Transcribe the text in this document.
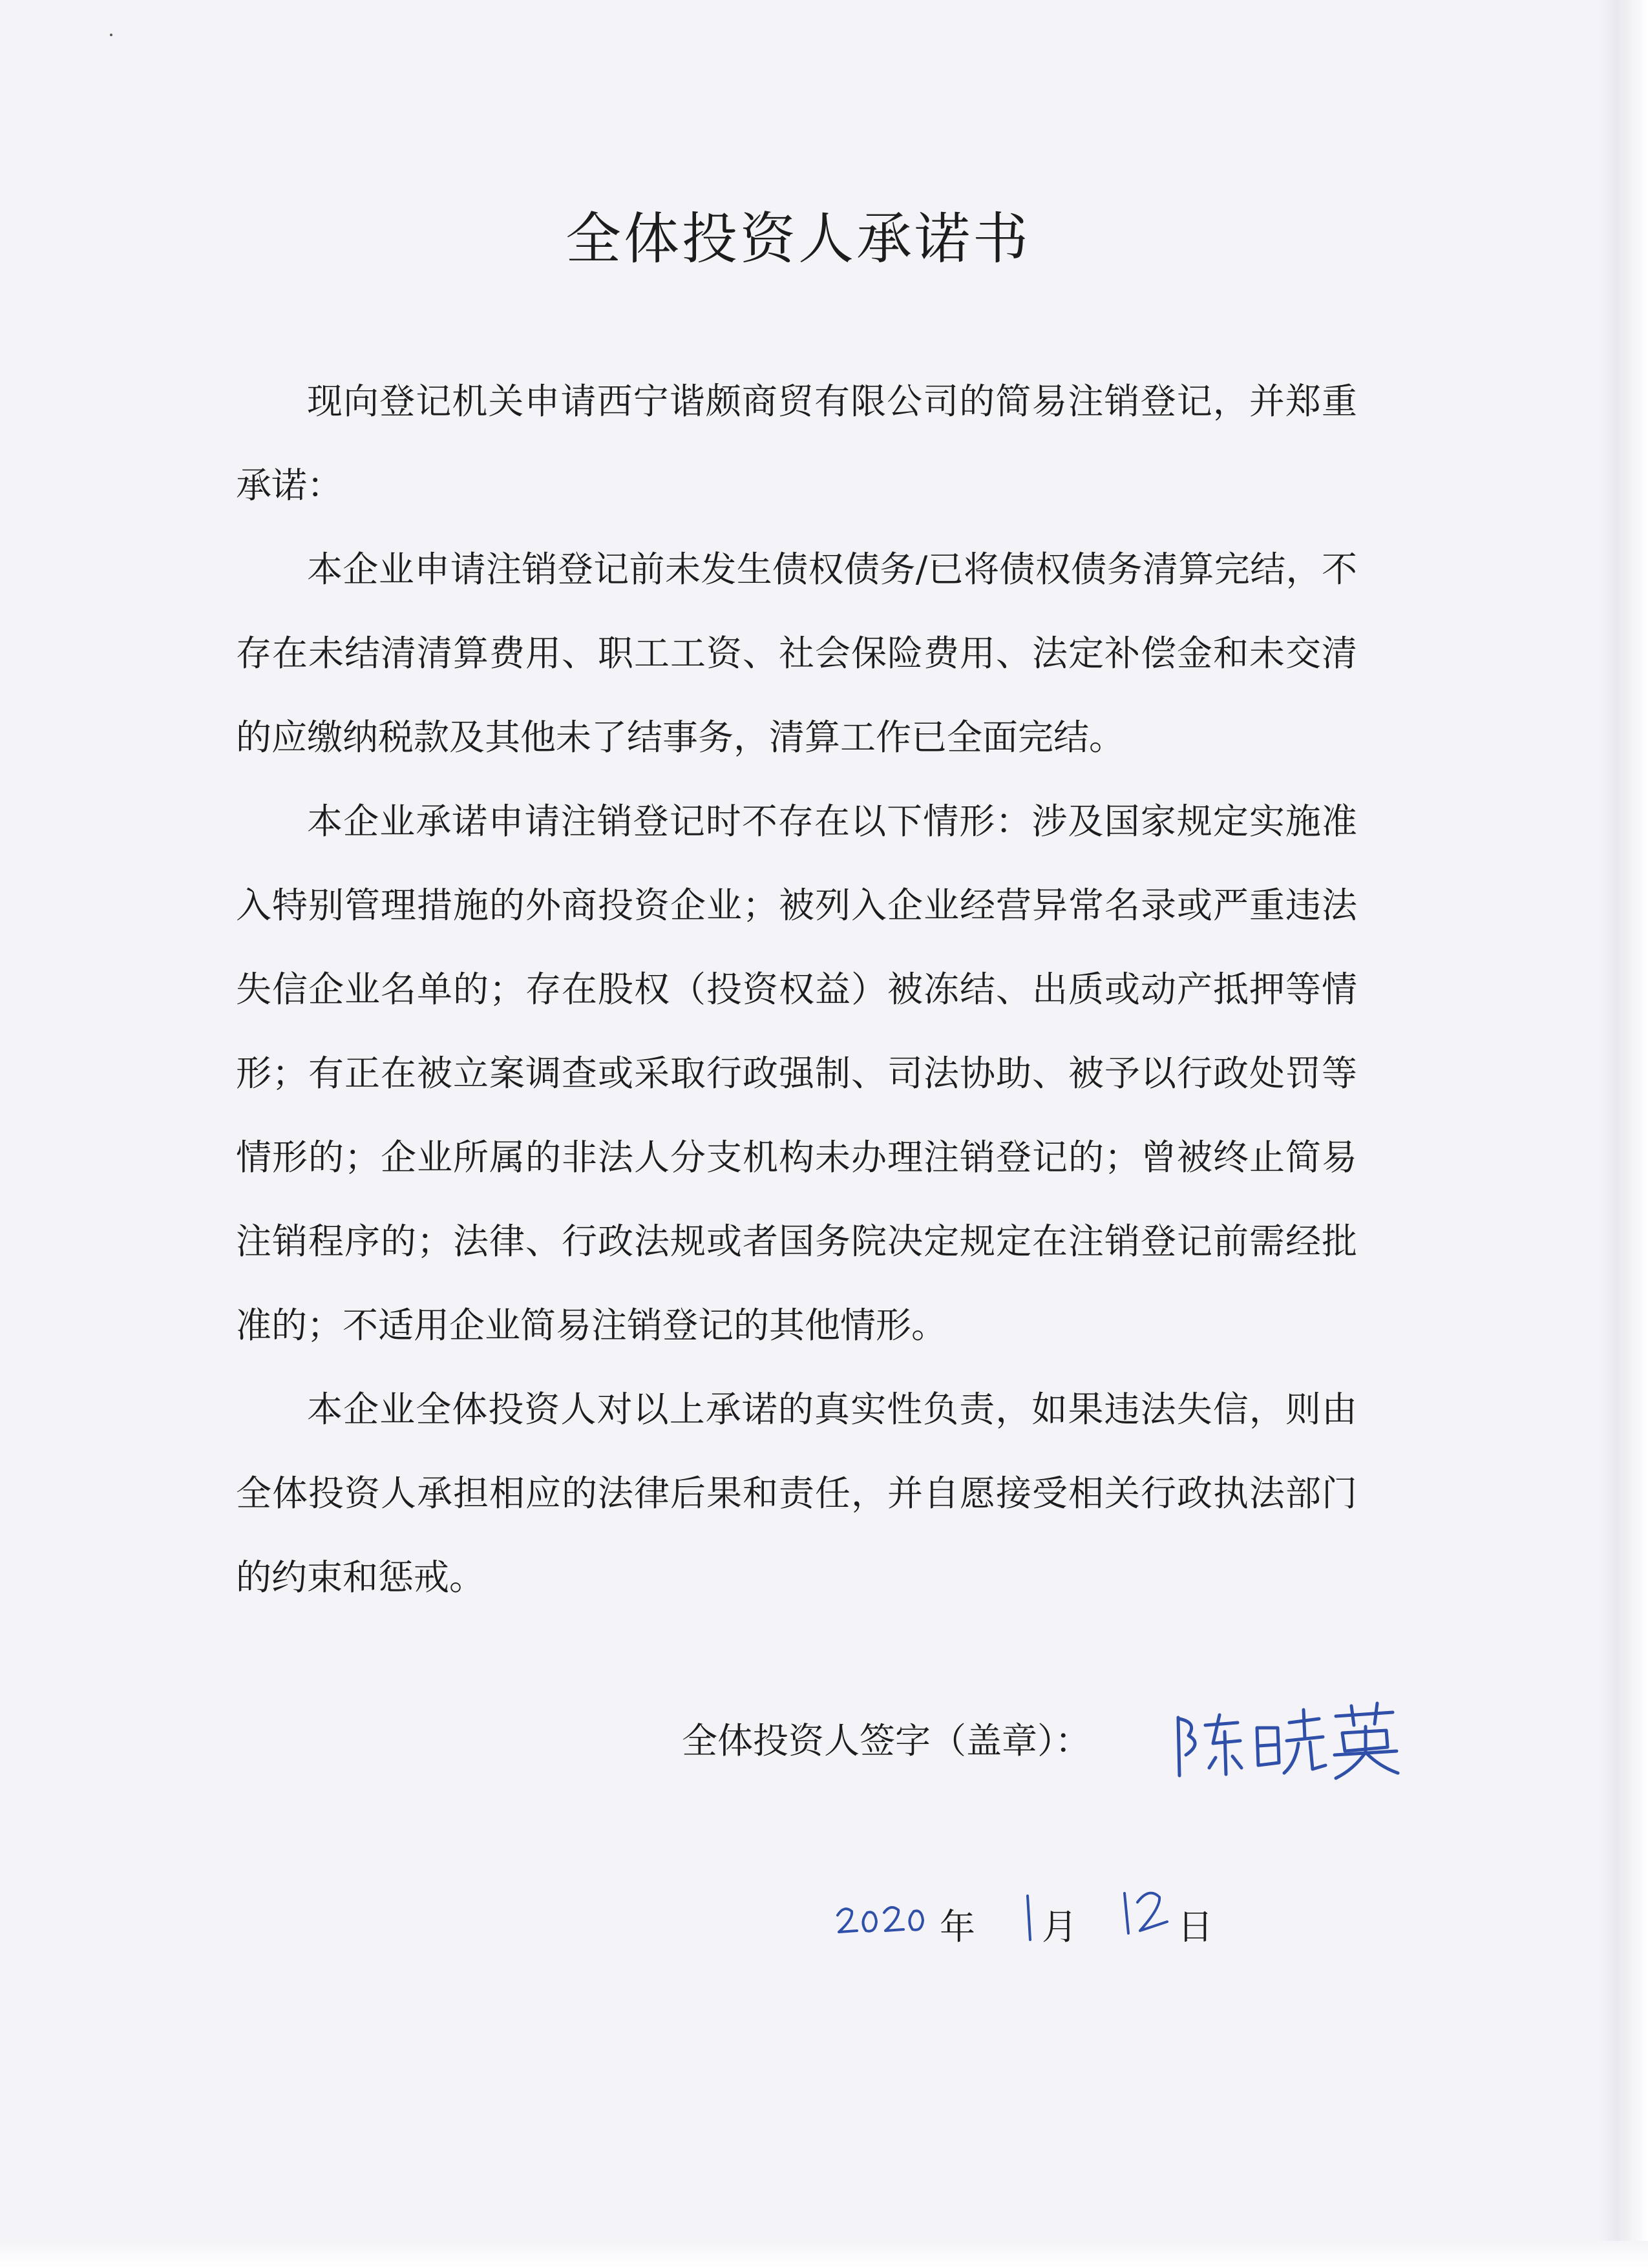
全体投资人承诺书

现向登记机关申请西宁谐颇商贸有限公司的简易注销登记，并郑重承诺：

本企业申请注销登记前未发生债权债务/已将债权债务清算完结，不存在未结清清算费用、职工工资、社会保险费用、法定补偿金和未交清的应缴纳税款及其他未了结事务，清算工作已全面完结。

本企业承诺申请注销登记时不存在以下情形：涉及国家规定实施准入特别管理措施的外商投资企业；被列入企业经营异常名录或严重违法失信企业名单的；存在股权（投资权益）被冻结、出质或动产抵押等情形；有正在被立案调查或采取行政强制、司法协助、被予以行政处罚等情形的；企业所属的非法人分支机构未办理注销登记的；曾被终止简易注销程序的；法律、行政法规或者国务院决定规定在注销登记前需经批准的；不适用企业简易注销登记的其他情形。

本企业全体投资人对以上承诺的真实性负责，如果违法失信，则由全体投资人承担相应的法律后果和责任，并自愿接受相关行政执法部门的约束和惩戒。

全体投资人签字（盖章）：
陈晓英
2020
年
1
月
12
日
